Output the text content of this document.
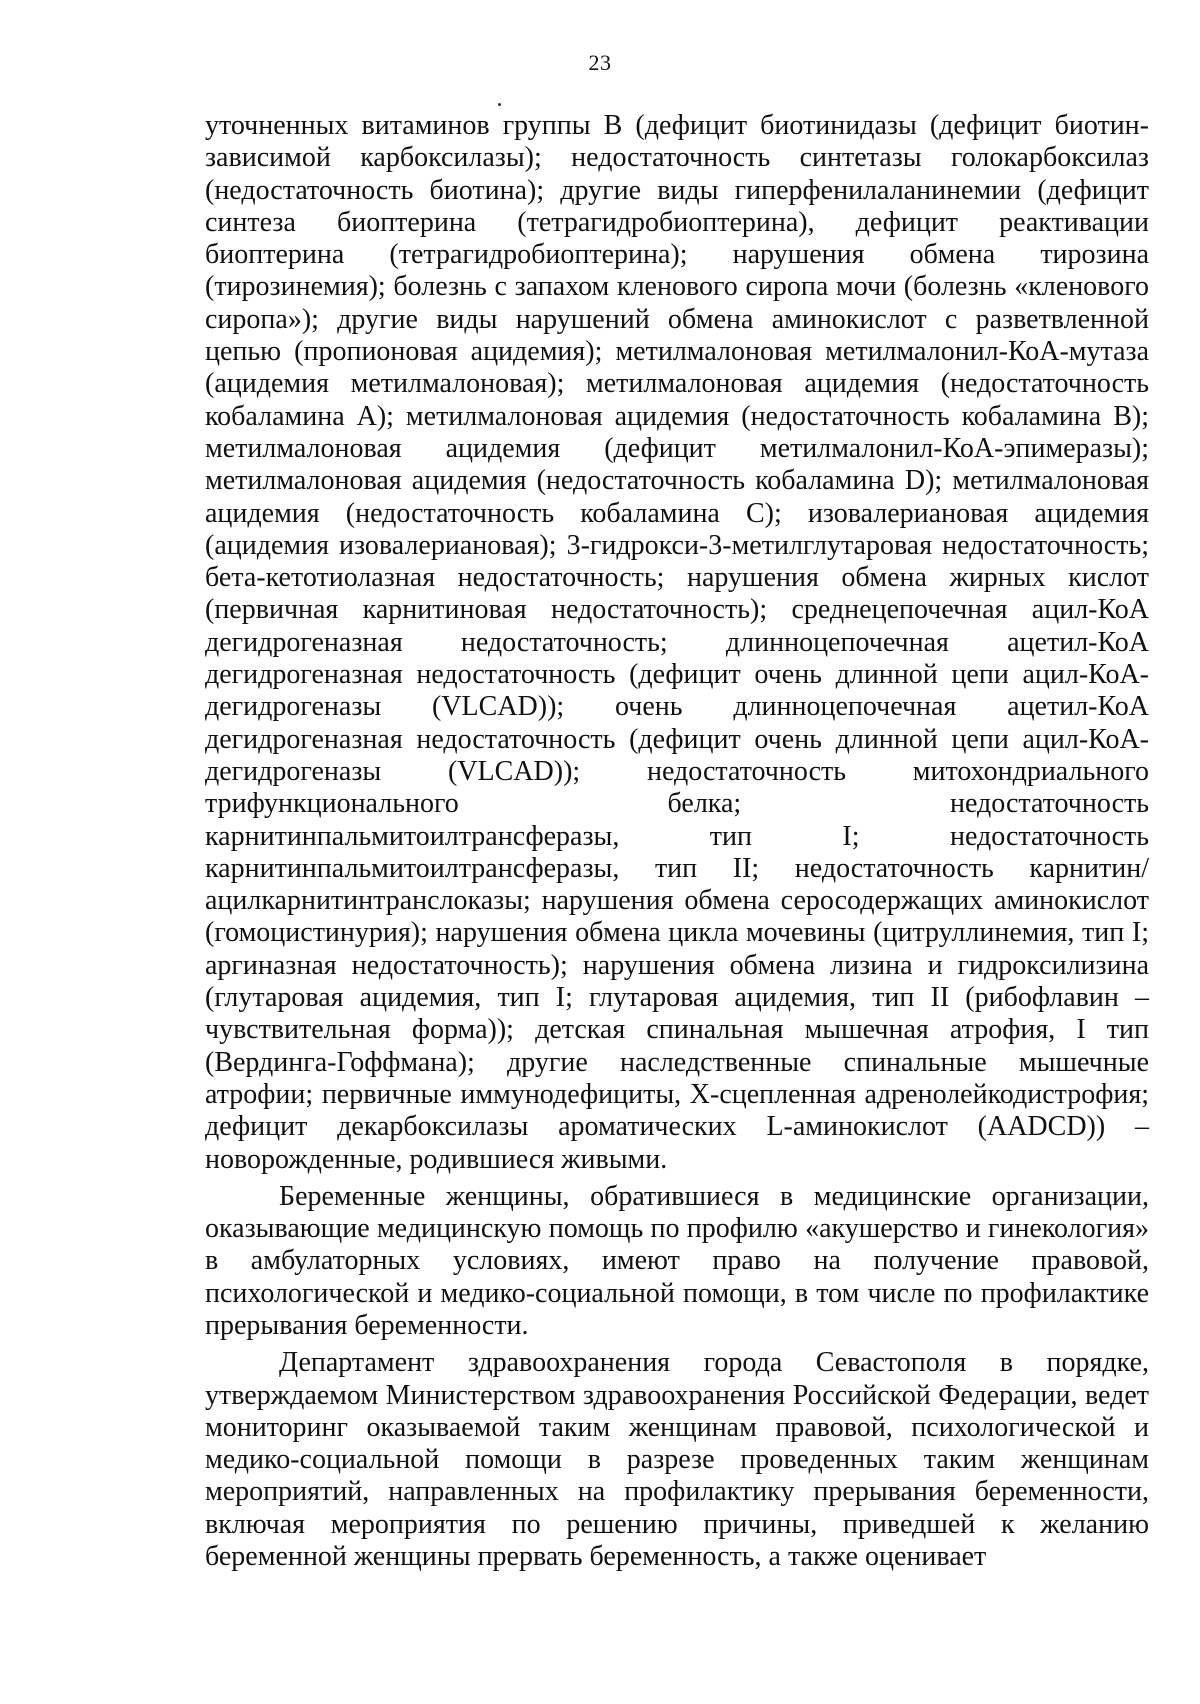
23

уточненных витаминов группы В (дефицит биотинидазы (дефицит биотин-зависимой карбоксилазы); недостаточность синтетазы голокарбоксилаз (недостаточность биотина); другие виды гиперфенилаланинемии (дефицит синтеза биоптерина (тетрагидробиоптерина), дефицит реактивации биоптерина (тетрагидробиоптерина); нарушения обмена тирозина (тирозинемия); болезнь с запахом кленового сиропа мочи (болезнь «кленового сиропа»); другие виды нарушений обмена аминокислот с разветвленной цепью (пропионовая ацидемия); метилмалоновая метилмалонил-КоА-мутаза (ацидемия метилмалоновая); метилмалоновая ацидемия (недостаточность кобаламина А); метилмалоновая ацидемия (недостаточность кобаламина В); метилмалоновая ацидемия (дефицит метилмалонил-КоА-эпимеразы); метилмалоновая ацидемия (недостаточность кобаламина D); метилмалоновая ацидемия (недостаточность кобаламина С); изовалериановая ацидемия (ацидемия изовалериановая); 3-гидрокси-3-метилглутаровая недостаточность; бета-кетотиолазная недостаточность; нарушения обмена жирных кислот (первичная карнитиновая недостаточность); среднецепочечная ацил-КоА дегидрогеназная недостаточность; длинноцепочечная ацетил-КоА дегидрогеназная недостаточность (дефицит очень длинной цепи ацил-КоА-дегидрогеназы (VLCAD)); очень длинноцепочечная ацетил-КоА дегидрогеназная недостаточность (дефицит очень длинной цепи ацил-КоА-дегидрогеназы (VLCAD)); недостаточность митохондриального трифункционального белка; недостаточность карнитинпальмитоилтрансферазы, тип I; недостаточность карнитинпальмитоилтрансферазы, тип II; недостаточность карнитин/ацилкарнитинтранслоказы; нарушения обмена серосодержащих аминокислот (гомоцистинурия); нарушения обмена цикла мочевины (цитруллинемия, тип I; аргиназная недостаточность); нарушения обмена лизина и гидроксилизина (глутаровая ацидемия, тип I; глутаровая ацидемия, тип II (рибофлавин – чувствительная форма)); детская спинальная мышечная атрофия, I тип (Вердинга-Гоффмана); другие наследственные спинальные мышечные атрофии; первичные иммунодефициты, Х-сцепленная адренолейкодистрофия; дефицит декарбоксилазы ароматических L-аминокислот (AADCD)) – новорожденные, родившиеся живыми.

Беременные женщины, обратившиеся в медицинские организации, оказывающие медицинскую помощь по профилю «акушерство и гинекология» в амбулаторных условиях, имеют право на получение правовой, психологической и медико-социальной помощи, в том числе по профилактике прерывания беременности.

Департамент здравоохранения города Севастополя в порядке, утверждаемом Министерством здравоохранения Российской Федерации, ведет мониторинг оказываемой таким женщинам правовой, психологической и медико-социальной помощи в разрезе проведенных таким женщинам мероприятий, направленных на профилактику прерывания беременности, включая мероприятия по решению причины, приведшей к желанию беременной женщины прервать беременность, а также оценивает
